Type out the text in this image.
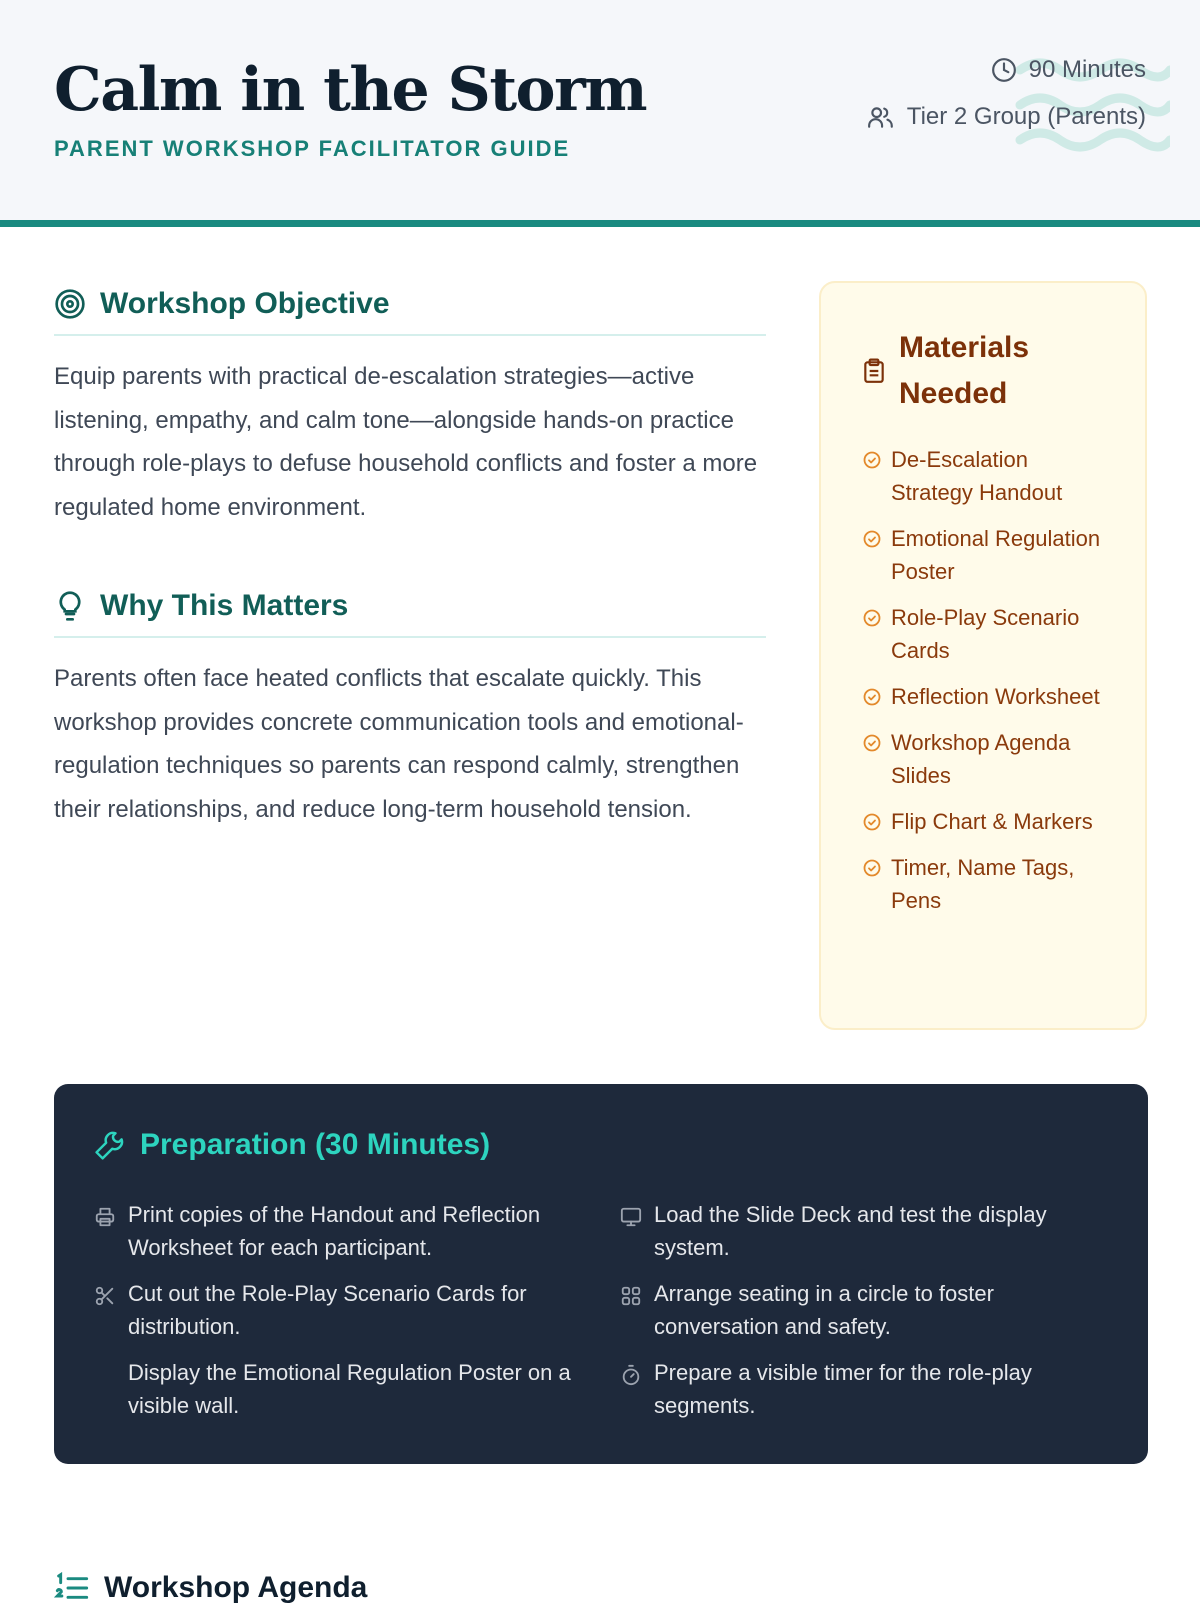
Calm in the Storm
PARENT WORKSHOP FACILITATOR GUIDE
90 Minutes
Tier 2 Group (Parents)
Workshop Objective

Equip parents with practical de-escalation strategies—active listening, empathy, and calm tone—alongside hands-on practice through role-plays to defuse household conflicts and foster a more regulated home environment.

Why This Matters

Parents often face heated conflicts that escalate quickly. This workshop provides concrete communication tools and emotional-regulation techniques so parents can respond calmly, strengthen their relationships, and reduce long-term household tension.

Materials Needed
De-Escalation Strategy Handout
Emotional Regulation Poster
Role-Play Scenario Cards
Reflection Worksheet
Workshop Agenda Slides
Flip Chart & Markers
Timer, Name Tags, Pens
Preparation (30 Minutes)
Print copies of the Handout and Reflection Worksheet for each participant.
Cut out the Role-Play Scenario Cards for distribution.
Display the Emotional Regulation Poster on a visible wall.
Load the Slide Deck and test the display system.
Arrange seating in a circle to foster conversation and safety.
Prepare a visible timer for the role-play segments.
Workshop Agenda
